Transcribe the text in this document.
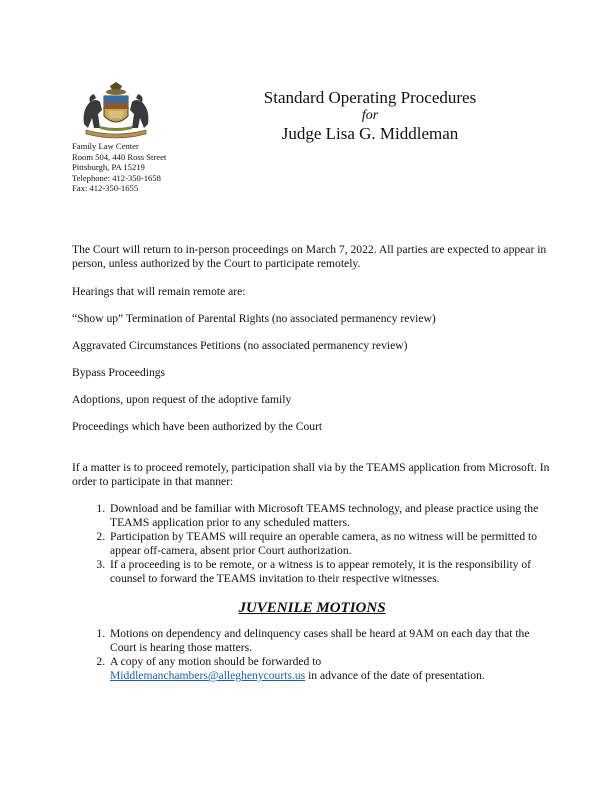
Standard Operating Procedures
for
Judge Lisa G. Middleman
Family Law Center
Room 504, 440 Ross Street
Pittsburgh, PA 15219
Telephone: 412-350-1658
Fax: 412-350-1655

The Court will return to in-person proceedings on March 7, 2022. All parties are expected to appear in person, unless authorized by the Court to participate remotely.

Hearings that will remain remote are:

“Show up” Termination of Parental Rights (no associated permanency review)

Aggravated Circumstances Petitions (no associated permanency review)

Bypass Proceedings

Adoptions, upon request of the adoptive family

Proceedings which have been authorized by the Court

If a matter is to proceed remotely, participation shall via by the TEAMS application from Microsoft. In order to participate in that manner:

1. Download and be familiar with Microsoft TEAMS technology, and please practice using the TEAMS application prior to any scheduled matters.
2. Participation by TEAMS will require an operable camera, as no witness will be permitted to appear off-camera, absent prior Court authorization.
3. If a proceeding is to be remote, or a witness is to appear remotely, it is the responsibility of counsel to forward the TEAMS invitation to their respective witnesses.
JUVENILE MOTIONS
1. Motions on dependency and delinquency cases shall be heard at 9AM on each day that the Court is hearing those matters.
2. A copy of any motion should be forwarded to
Middlemanchambers@alleghenycourts.us in advance of the date of presentation.
